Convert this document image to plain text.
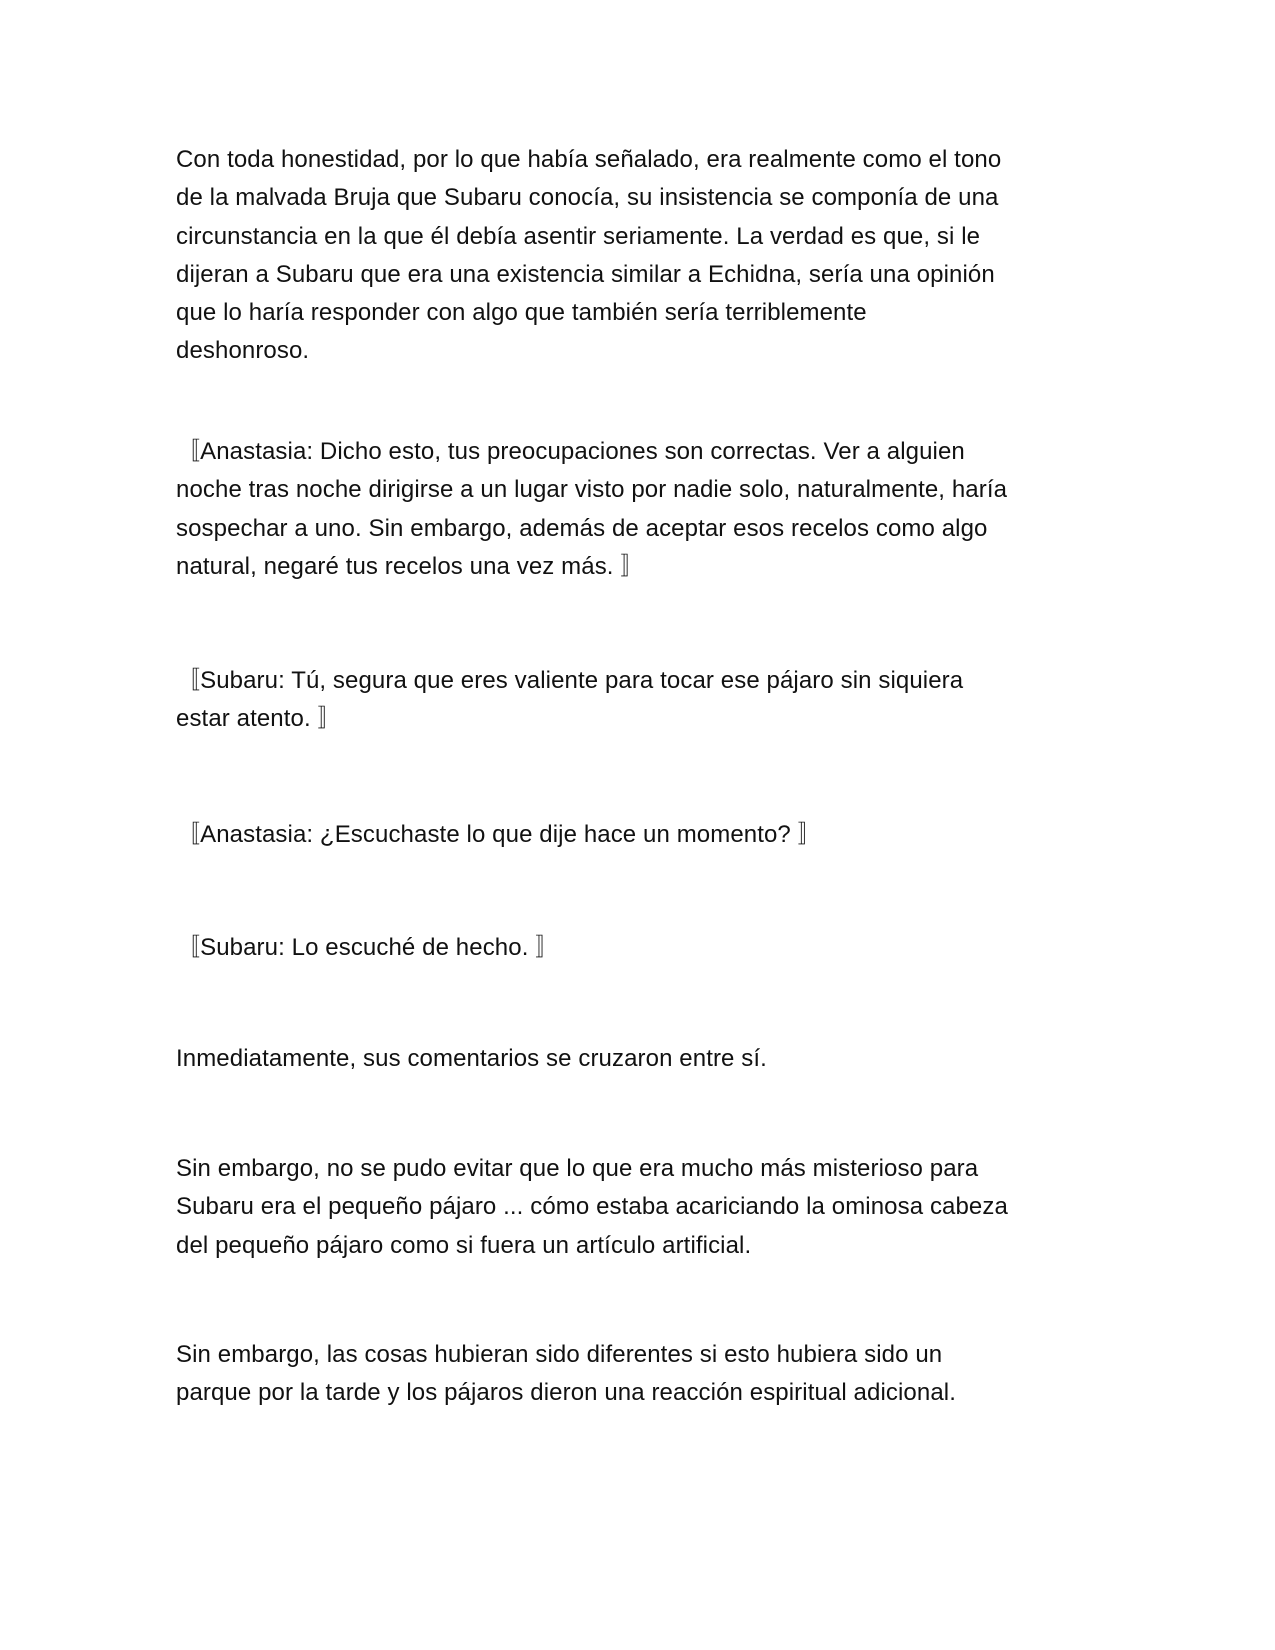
Con toda honestidad, por lo que había señalado, era realmente como el tono
de la malvada Bruja que Subaru conocía, su insistencia se componía de una
circunstancia en la que él debía asentir seriamente. La verdad es que, si le
dijeran a Subaru que era una existencia similar a Echidna, sería una opinión
que lo haría responder con algo que también sería terriblemente
deshonroso.

〚Anastasia: Dicho esto, tus preocupaciones son correctas. Ver a alguien
noche tras noche dirigirse a un lugar visto por nadie solo, naturalmente, haría
sospechar a uno. Sin embargo, además de aceptar esos recelos como algo
natural, negaré tus recelos una vez más. 〛

〚Subaru: Tú, segura que eres valiente para tocar ese pájaro sin siquiera
estar atento. 〛

〚Anastasia: ¿Escuchaste lo que dije hace un momento? 〛

〚Subaru: Lo escuché de hecho. 〛

Inmediatamente, sus comentarios se cruzaron entre sí.

Sin embargo, no se pudo evitar que lo que era mucho más misterioso para
Subaru era el pequeño pájaro ... cómo estaba acariciando la ominosa cabeza
del pequeño pájaro como si fuera un artículo artificial.

Sin embargo, las cosas hubieran sido diferentes si esto hubiera sido un
parque por la tarde y los pájaros dieron una reacción espiritual adicional.
